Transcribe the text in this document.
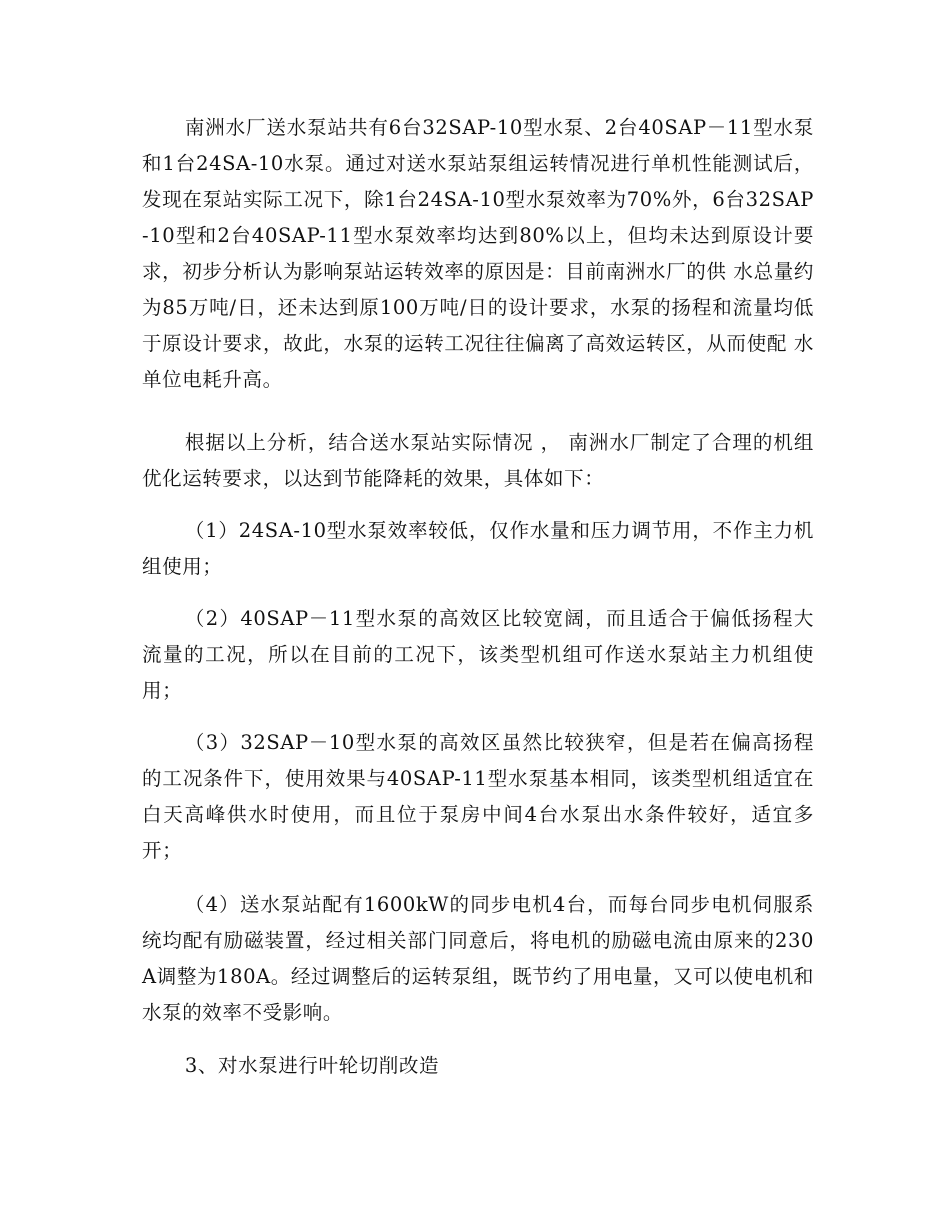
南洲水厂送水泵站共有6台32SAP-10型水泵、2台40SAP－11型水泵和1台24SA-10水泵。通过对送水泵站泵组运转情况进行单机性能测试后，发现在泵站实际工况下，除1台24SA-10型水泵效率为70%外，6台32SAP-10型和2台40SAP-11型水泵效率均达到80%以上，但均未达到原设计要求，初步分析认为影响泵站运转效率的原因是：目前南洲水厂的供 水总量约为85万吨/日，还未达到原100万吨/日的设计要求，水泵的扬程和流量均低于原设计要求，故此，水泵的运转工况往往偏离了高效运转区，从而使配 水单位电耗升高。

根据以上分析，结合送水泵站实际情况 ， 南洲水厂制定了合理的机组优化运转要求，以达到节能降耗的效果，具体如下：

（1）24SA-10型水泵效率较低，仅作水量和压力调节用，不作主力机组使用；

（2）40SAP－11型水泵的高效区比较宽阔，而且适合于偏低扬程大流量的工况，所以在目前的工况下，该类型机组可作送水泵站主力机组使用；

（3）32SAP－10型水泵的高效区虽然比较狭窄，但是若在偏高扬程的工况条件下，使用效果与40SAP-11型水泵基本相同，该类型机组适宜在白天高峰供水时使用，而且位于泵房中间4台水泵出水条件较好，适宜多开；

（4）送水泵站配有1600kW的同步电机4台，而每台同步电机伺服系统均配有励磁装置，经过相关部门同意后，将电机的励磁电流由原来的230A调整为180A。经过调整后的运转泵组，既节约了用电量，又可以使电机和水泵的效率不受影响。

3、对水泵进行叶轮切削改造
